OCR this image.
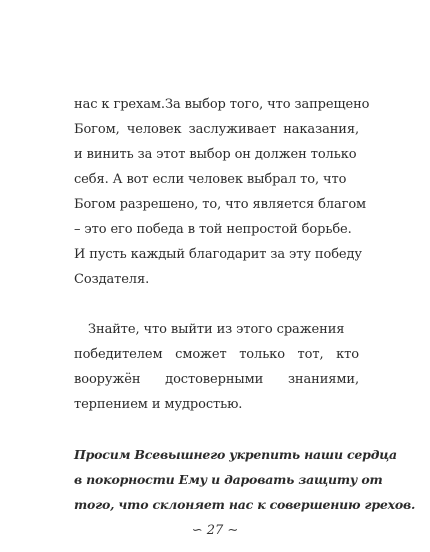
нас к грехам. За выбор того, что запрещено
Богом, человек заслуживает наказания,
и винить за этот выбор он должен только
себя. А вот если человек выбрал то, что
Богом разрешено, то, что является благом
– это его победа в той непростой борьбе.
И пусть каждый благодарит за эту победу
Создателя.
Знайте, что выйти из этого сражения
победителем сможет только тот, кто
вооружён достоверными знаниями,
терпением и мудростью.
Просим Всевышнего укрепить наши сердца
в покорности Ему и даровать защиту от
того, что склоняет нас к совершению грехов.
∽ 27 ∼
